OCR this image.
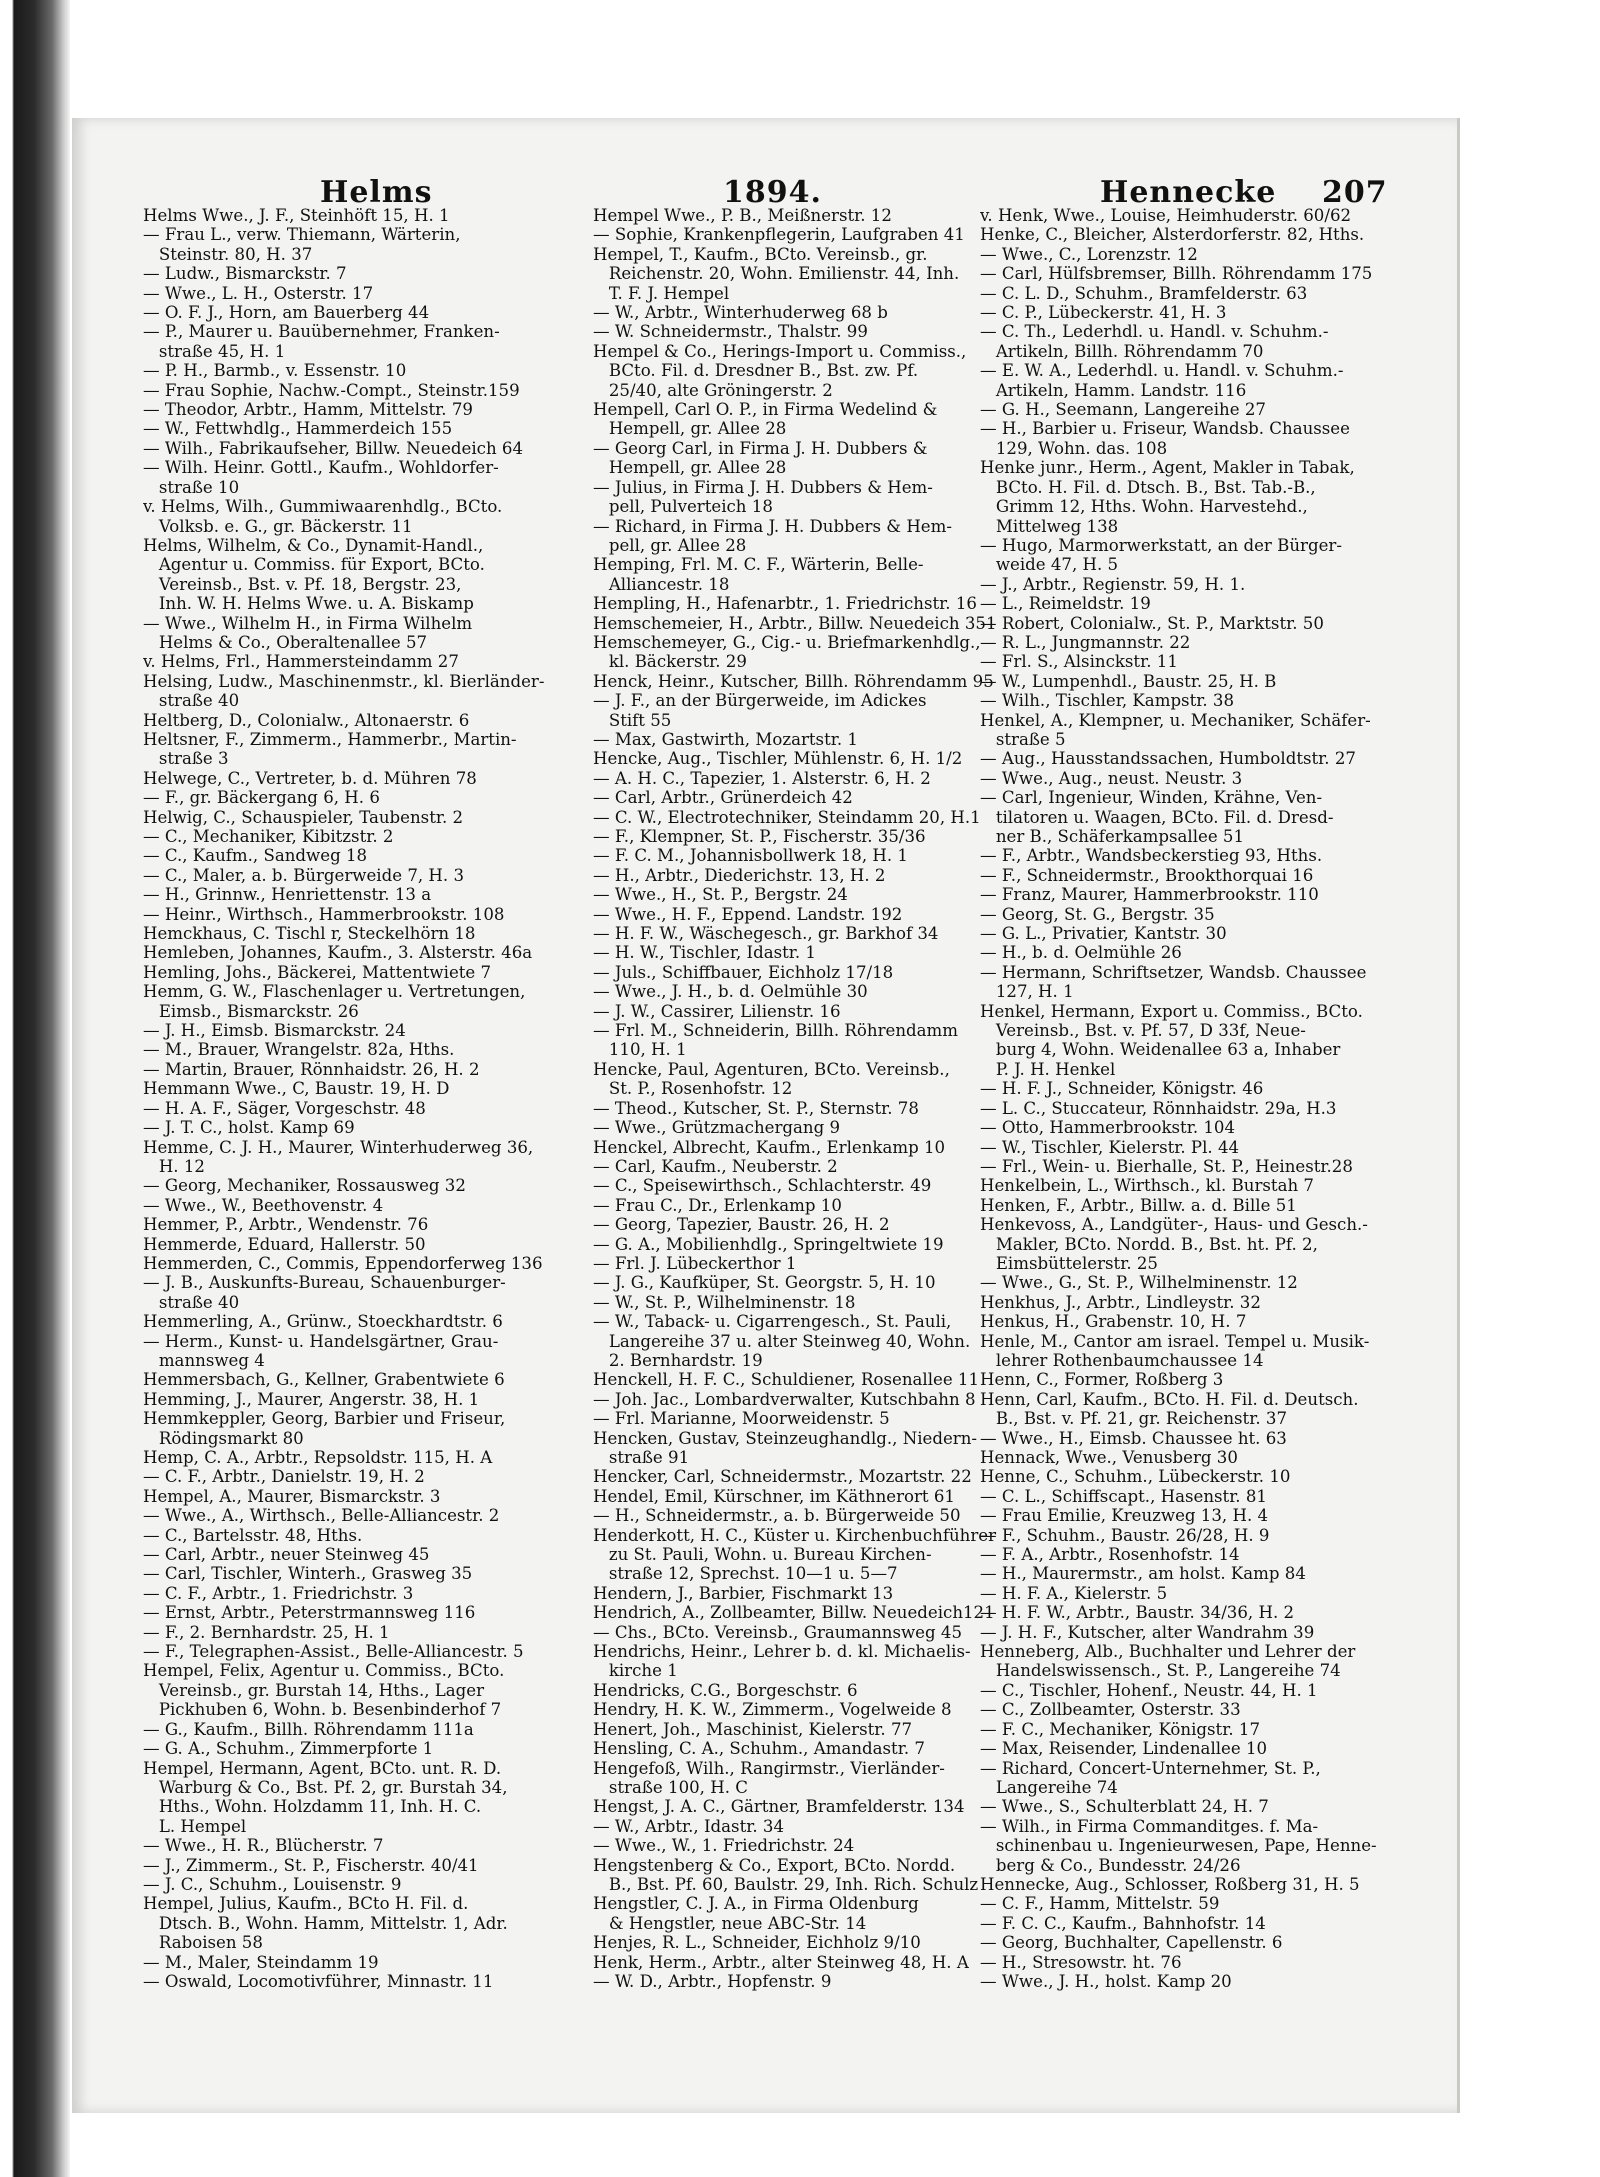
Helms	1894.	Hennecke 207
Helms Wwe., J. F., Steinhöft 15, H. 1
— Frau L., verw. Thiemann, Wärterin,
Steinstr. 80, H. 37
— Ludw., Bismarckstr. 7
— Wwe., L. H., Osterstr. 17
— O. F. J., Horn, am Bauerberg 44
— P., Maurer u. Bauübernehmer, Franken-
straße 45, H. 1
— P. H., Barmb., v. Essenstr. 10
— Frau Sophie, Nachw.-Compt., Steinstr.159
— Theodor, Arbtr., Hamm, Mittelstr. 79
— W., Fettwhdlg., Hammerdeich 155
— Wilh., Fabrikaufseher, Billw. Neuedeich 64
— Wilh. Heinr. Gottl., Kaufm., Wohldorfer-
straße 10
v. Helms, Wilh., Gummiwaarenhdlg., BCto.
Volksb. e. G., gr. Bäckerstr. 11
Helms, Wilhelm, & Co., Dynamit-Handl.,
Agentur u. Commiss. für Export, BCto.
Vereinsb., Bst. v. Pf. 18, Bergstr. 23,
Inh. W. H. Helms Wwe. u. A. Biskamp
— Wwe., Wilhelm H., in Firma Wilhelm
Helms & Co., Oberaltenallee 57
v. Helms, Frl., Hammersteindamm 27
Helsing, Ludw., Maschinenmstr., kl. Bierländer-
straße 40
Heltberg, D., Colonialw., Altonaerstr. 6
Heltsner, F., Zimmerm., Hammerbr., Martin-
straße 3
Helwege, C., Vertreter, b. d. Mühren 78
— F., gr. Bäckergang 6, H. 6
Helwig, C., Schauspieler, Taubenstr. 2
— C., Mechaniker, Kibitzstr. 2
— C., Kaufm., Sandweg 18
— C., Maler, a. b. Bürgerweide 7, H. 3
— H., Grinnw., Henriettenstr. 13 a
— Heinr., Wirthsch., Hammerbrookstr. 108
Hemckhaus, C. Tischl r, Steckelhörn 18
Hemleben, Johannes, Kaufm., 3. Alsterstr. 46a
Hemling, Johs., Bäckerei, Mattentwiete 7
Hemm, G. W., Flaschenlager u. Vertretungen,
Eimsb., Bismarckstr. 26
— J. H., Eimsb. Bismarckstr. 24
— M., Brauer, Wrangelstr. 82a, Hths.
— Martin, Brauer, Rönnhaidstr. 26, H. 2
Hemmann Wwe., C, Baustr. 19, H. D
— H. A. F., Säger, Vorgeschstr. 48
— J. T. C., holst. Kamp 69
Hemme, C. J. H., Maurer, Winterhuderweg 36,
H. 12
— Georg, Mechaniker, Rossausweg 32
— Wwe., W., Beethovenstr. 4
Hemmer, P., Arbtr., Wendenstr. 76
Hemmerde, Eduard, Hallerstr. 50
Hemmerden, C., Commis, Eppendorferweg 136
— J. B., Auskunfts-Bureau, Schauenburger-
straße 40
Hemmerling, A., Grünw., Stoeckhardtstr. 6
— Herm., Kunst- u. Handelsgärtner, Grau-
mannsweg 4
Hemmersbach, G., Kellner, Grabentwiete 6
Hemming, J., Maurer, Angerstr. 38, H. 1
Hemmkeppler, Georg, Barbier und Friseur,
Rödingsmarkt 80
Hemp, C. A., Arbtr., Repsoldstr. 115, H. A
— C. F., Arbtr., Danielstr. 19, H. 2
Hempel, A., Maurer, Bismarckstr. 3
— Wwe., A., Wirthsch., Belle-Alliancestr. 2
— C., Bartelsstr. 48, Hths.
— Carl, Arbtr., neuer Steinweg 45
— Carl, Tischler, Winterh., Grasweg 35
— C. F., Arbtr., 1. Friedrichstr. 3
— Ernst, Arbtr., Peterstrmannsweg 116
— F., 2. Bernhardstr. 25, H. 1
— F., Telegraphen-Assist., Belle-Alliancestr. 5
Hempel, Felix, Agentur u. Commiss., BCto.
Vereinsb., gr. Burstah 14, Hths., Lager
Pickhuben 6, Wohn. b. Besenbinderhof 7
— G., Kaufm., Billh. Röhrendamm 111a
— G. A., Schuhm., Zimmerpforte 1
Hempel, Hermann, Agent, BCto. unt. R. D.
Warburg & Co., Bst. Pf. 2, gr. Burstah 34,
Hths., Wohn. Holzdamm 11, Inh. H. C.
L. Hempel
— Wwe., H. R., Blücherstr. 7
— J., Zimmerm., St. P., Fischerstr. 40/41
— J. C., Schuhm., Louisenstr. 9
Hempel, Julius, Kaufm., BCto H. Fil. d.
Dtsch. B., Wohn. Hamm, Mittelstr. 1, Adr.
Raboisen 58
— M., Maler, Steindamm 19
— Oswald, Locomotivführer, Minnastr. 11
Hempel Wwe., P. B., Meißnerstr. 12
— Sophie, Krankenpflegerin, Laufgraben 41
Hempel, T., Kaufm., BCto. Vereinsb., gr.
Reichenstr. 20, Wohn. Emilienstr. 44, Inh.
T. F. J. Hempel
— W., Arbtr., Winterhuderweg 68 b
— W. Schneidermstr., Thalstr. 99
Hempel & Co., Herings-Import u. Commiss.,
BCto. Fil. d. Dresdner B., Bst. zw. Pf.
25/40, alte Gröningerstr. 2
Hempell, Carl O. P., in Firma Wedelind &
Hempell, gr. Allee 28
— Georg Carl, in Firma J. H. Dubbers &
Hempell, gr. Allee 28
— Julius, in Firma J. H. Dubbers & Hem-
pell, Pulverteich 18
— Richard, in Firma J. H. Dubbers & Hem-
pell, gr. Allee 28
Hemping, Frl. M. C. F., Wärterin, Belle-
Alliancestr. 18
Hempling, H., Hafenarbtr., 1. Friedrichstr. 16
Hemschemeier, H., Arbtr., Billw. Neuedeich 351
Hemschemeyer, G., Cig.- u. Briefmarkenhdlg.,
kl. Bäckerstr. 29
Henck, Heinr., Kutscher, Billh. Röhrendamm 95
— J. F., an der Bürgerweide, im Adickes
Stift 55
— Max, Gastwirth, Mozartstr. 1
Hencke, Aug., Tischler, Mühlenstr. 6, H. 1/2
— A. H. C., Tapezier, 1. Alsterstr. 6, H. 2
— Carl, Arbtr., Grünerdeich 42
— C. W., Electrotechniker, Steindamm 20, H.1
— F., Klempner, St. P., Fischerstr. 35/36
— F. C. M., Johannisbollwerk 18, H. 1
— H., Arbtr., Diederichstr. 13, H. 2
— Wwe., H., St. P., Bergstr. 24
— Wwe., H. F., Eppend. Landstr. 192
— H. F. W., Wäschegesch., gr. Barkhof 34
— H. W., Tischler, Idastr. 1
— Juls., Schiffbauer, Eichholz 17/18
— Wwe., J. H., b. d. Oelmühle 30
— J. W., Cassirer, Lilienstr. 16
— Frl. M., Schneiderin, Billh. Röhrendamm
110, H. 1
Hencke, Paul, Agenturen, BCto. Vereinsb.,
St. P., Rosenhofstr. 12
— Theod., Kutscher, St. P., Sternstr. 78
— Wwe., Grützmachergang 9
Henckel, Albrecht, Kaufm., Erlenkamp 10
— Carl, Kaufm., Neuberstr. 2
— C., Speisewirthsch., Schlachterstr. 49
— Frau C., Dr., Erlenkamp 10
— Georg, Tapezier, Baustr. 26, H. 2
— G. A., Mobilienhdlg., Springeltwiete 19
— Frl. J. Lübeckerthor 1
— J. G., Kaufküper, St. Georgstr. 5, H. 10
— W., St. P., Wilhelminenstr. 18
— W., Taback- u. Cigarrengesch., St. Pauli,
Langereihe 37 u. alter Steinweg 40, Wohn.
2. Bernhardstr. 19
Henckell, H. F. C., Schuldiener, Rosenallee 11
— Joh. Jac., Lombardverwalter, Kutschbahn 8
— Frl. Marianne, Moorweidenstr. 5
Hencken, Gustav, Steinzeughandlg., Niedern-
straße 91
Hencker, Carl, Schneidermstr., Mozartstr. 22
Hendel, Emil, Kürschner, im Käthnerort 61
— H., Schneidermstr., a. b. Bürgerweide 50
Henderkott, H. C., Küster u. Kirchenbuchführer
zu St. Pauli, Wohn. u. Bureau Kirchen-
straße 12, Sprechst. 10—1 u. 5—7
Hendern, J., Barbier, Fischmarkt 13
Hendrich, A., Zollbeamter, Billw. Neuedeich121
— Chs., BCto. Vereinsb., Graumannsweg 45
Hendrichs, Heinr., Lehrer b. d. kl. Michaelis-
kirche 1
Hendricks, C.G., Borgeschstr. 6
Hendry, H. K. W., Zimmerm., Vogelweide 8
Henert, Joh., Maschinist, Kielerstr. 77
Hensling, C. A., Schuhm., Amandastr. 7
Hengefoß, Wilh., Rangirmstr., Vierländer-
straße 100, H. C
Hengst, J. A. C., Gärtner, Bramfelderstr. 134
— W., Arbtr., Idastr. 34
— Wwe., W., 1. Friedrichstr. 24
Hengstenberg & Co., Export, BCto. Nordd.
B., Bst. Pf. 60, Baulstr. 29, Inh. Rich. Schulz
Hengstler, C. J. A., in Firma Oldenburg
& Hengstler, neue ABC-Str. 14
Henjes, R. L., Schneider, Eichholz 9/10
Henk, Herm., Arbtr., alter Steinweg 48, H. A
— W. D., Arbtr., Hopfenstr. 9
v. Henk, Wwe., Louise, Heimhuderstr. 60/62
Henke, C., Bleicher, Alsterdorferstr. 82, Hths.
— Wwe., C., Lorenzstr. 12
— Carl, Hülfsbremser, Billh. Röhrendamm 175
— C. L. D., Schuhm., Bramfelderstr. 63
— C. P., Lübeckerstr. 41, H. 3
— C. Th., Lederhdl. u. Handl. v. Schuhm.-
Artikeln, Billh. Röhrendamm 70
— E. W. A., Lederhdl. u. Handl. v. Schuhm.-
Artikeln, Hamm. Landstr. 116
— G. H., Seemann, Langereihe 27
— H., Barbier u. Friseur, Wandsb. Chaussee
129, Wohn. das. 108
Henke junr., Herm., Agent, Makler in Tabak,
BCto. H. Fil. d. Dtsch. B., Bst. Tab.-B.,
Grimm 12, Hths. Wohn. Harvestehd.,
Mittelweg 138
— Hugo, Marmorwerkstatt, an der Bürger-
weide 47, H. 5
— J., Arbtr., Regienstr. 59, H. 1.
— L., Reimeldstr. 19
— Robert, Colonialw., St. P., Marktstr. 50
— R. L., Jungmannstr. 22
— Frl. S., Alsinckstr. 11
— W., Lumpenhdl., Baustr. 25, H. B
— Wilh., Tischler, Kampstr. 38
Henkel, A., Klempner, u. Mechaniker, Schäfer-
straße 5
— Aug., Hausstandssachen, Humboldtstr. 27
— Wwe., Aug., neust. Neustr. 3
— Carl, Ingenieur, Winden, Krähne, Ven-
tilatoren u. Waagen, BCto. Fil. d. Dresd-
ner B., Schäferkampsallee 51
— F., Arbtr., Wandsbeckerstieg 93, Hths.
— F., Schneidermstr., Brookthorquai 16
— Franz, Maurer, Hammerbrookstr. 110
— Georg, St. G., Bergstr. 35
— G. L., Privatier, Kantstr. 30
— H., b. d. Oelmühle 26
— Hermann, Schriftsetzer, Wandsb. Chaussee
127, H. 1
Henkel, Hermann, Export u. Commiss., BCto.
Vereinsb., Bst. v. Pf. 57, D 33f, Neue-
burg 4, Wohn. Weidenallee 63 a, Inhaber
P. J. H. Henkel
— H. F. J., Schneider, Königstr. 46
— L. C., Stuccateur, Rönnhaidstr. 29a, H.3
— Otto, Hammerbrookstr. 104
— W., Tischler, Kielerstr. Pl. 44
— Frl., Wein- u. Bierhalle, St. P., Heinestr.28
Henkelbein, L., Wirthsch., kl. Burstah 7
Henken, F., Arbtr., Billw. a. d. Bille 51
Henkevoss, A., Landgüter-, Haus- und Gesch.-
Makler, BCto. Nordd. B., Bst. ht. Pf. 2,
Eimsbüttelerstr. 25
— Wwe., G., St. P., Wilhelminenstr. 12
Henkhus, J., Arbtr., Lindleystr. 32
Henkus, H., Grabenstr. 10, H. 7
Henle, M., Cantor am israel. Tempel u. Musik-
lehrer Rothenbaumchaussee 14
Henn, C., Former, Roßberg 3
Henn, Carl, Kaufm., BCto. H. Fil. d. Deutsch.
B., Bst. v. Pf. 21, gr. Reichenstr. 37
— Wwe., H., Eimsb. Chaussee ht. 63
Hennack, Wwe., Venusberg 30
Henne, C., Schuhm., Lübeckerstr. 10
— C. L., Schiffscapt., Hasenstr. 81
— Frau Emilie, Kreuzweg 13, H. 4
— F., Schuhm., Baustr. 26/28, H. 9
— F. A., Arbtr., Rosenhofstr. 14
— H., Maurermstr., am holst. Kamp 84
— H. F. A., Kielerstr. 5
— H. F. W., Arbtr., Baustr. 34/36, H. 2
— J. H. F., Kutscher, alter Wandrahm 39
Henneberg, Alb., Buchhalter und Lehrer der
Handelswissensch., St. P., Langereihe 74
— C., Tischler, Hohenf., Neustr. 44, H. 1
— C., Zollbeamter, Osterstr. 33
— F. C., Mechaniker, Königstr. 17
— Max, Reisender, Lindenallee 10
— Richard, Concert-Unternehmer, St. P.,
Langereihe 74
— Wwe., S., Schulterblatt 24, H. 7
— Wilh., in Firma Commanditges. f. Ma-
schinenbau u. Ingenieurwesen, Pape, Henne-
berg & Co., Bundesstr. 24/26
Hennecke, Aug., Schlosser, Roßberg 31, H. 5
— C. F., Hamm, Mittelstr. 59
— F. C. C., Kaufm., Bahnhofstr. 14
— Georg, Buchhalter, Capellenstr. 6
— H., Stresowstr. ht. 76
— Wwe., J. H., holst. Kamp 20
